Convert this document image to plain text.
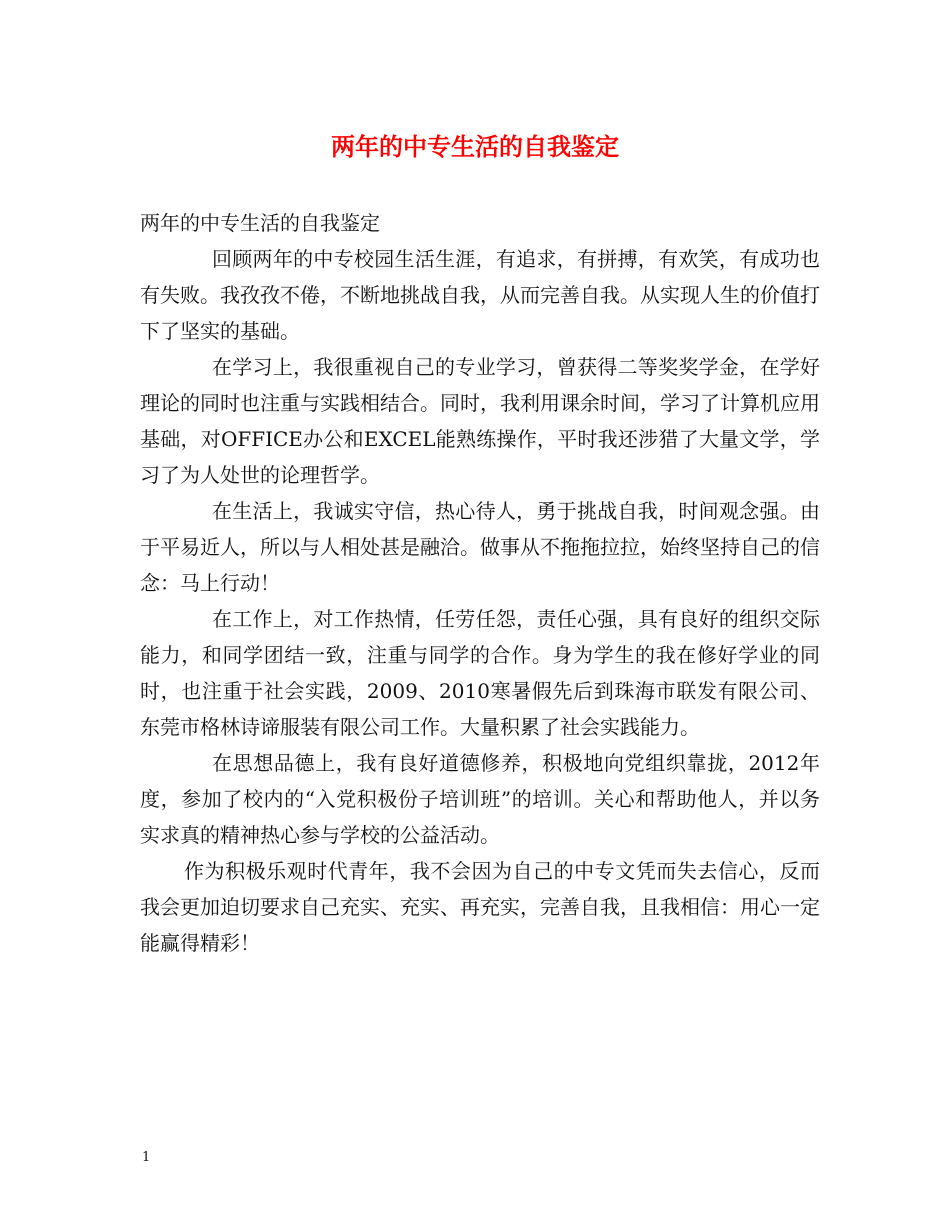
两年的中专生活的自我鉴定

两年的中专生活的自我鉴定

回顾两年的中专校园生活生涯，有追求，有拼搏，有欢笑，有成功也有失败。我孜孜不倦，不断地挑战自我，从而完善自我。从实现人生的价值打下了坚实的基础。

在学习上，我很重视自己的专业学习，曾获得二等奖奖学金，在学好理论的同时也注重与实践相结合。同时，我利用课余时间，学习了计算机应用基础，对OFFICE办公和EXCEL能熟练操作，平时我还涉猎了大量文学，学习了为人处世的论理哲学。

在生活上，我诚实守信，热心待人，勇于挑战自我，时间观念强。由于平易近人，所以与人相处甚是融洽。做事从不拖拖拉拉，始终坚持自己的信念：马上行动！

在工作上，对工作热情，任劳任怨，责任心强，具有良好的组织交际能力，和同学团结一致，注重与同学的合作。身为学生的我在修好学业的同时，也注重于社会实践，2009、2010寒暑假先后到珠海市联发有限公司、东莞市格林诗谛服装有限公司工作。大量积累了社会实践能力。

在思想品德上，我有良好道德修养，积极地向党组织靠拢，2012年度，参加了校内的“入党积极份子培训班”的培训。关心和帮助他人，并以务实求真的精神热心参与学校的公益活动。

作为积极乐观时代青年，我不会因为自己的中专文凭而失去信心，反而我会更加迫切要求自己充实、充实、再充实，完善自我，且我相信：用心一定能赢得精彩！

1
